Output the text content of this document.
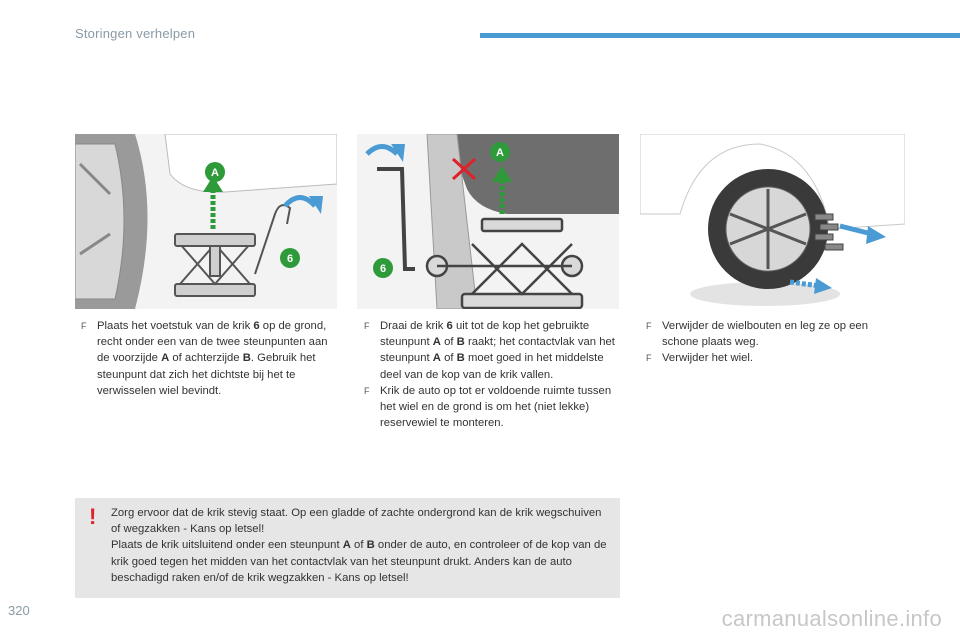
Storingen verhelpen
A
6
A
6

F Plaats het voetstuk van de krik 6 op de grond, recht onder een van de twee steunpunten aan de voorzijde A of achterzijde B. Gebruik het steunpunt dat zich het dichtste bij het te verwisselen wiel bevindt.

F Draai de krik 6 uit tot de kop het gebruikte steunpunt A of B raakt; het contactvlak van het steunpunt A of B moet goed in het middelste deel van de kop van de krik vallen.

F Krik de auto op tot er voldoende ruimte tussen het wiel en de grond is om het (niet lekke) reservewiel te monteren.

F Verwijder de wielbouten en leg ze op een schone plaats weg.

F Verwijder het wiel.

! Zorg ervoor dat de krik stevig staat. Op een gladde of zachte ondergrond kan de krik wegschuiven of wegzakken - Kans op letsel!

Plaats de krik uitsluitend onder een steunpunt A of B onder de auto, en controleer of de kop van de krik goed tegen het midden van het contactvlak van het steunpunt drukt. Anders kan de auto beschadigd raken en/of de krik wegzakken - Kans op letsel!

320	carmanualsonline.info
